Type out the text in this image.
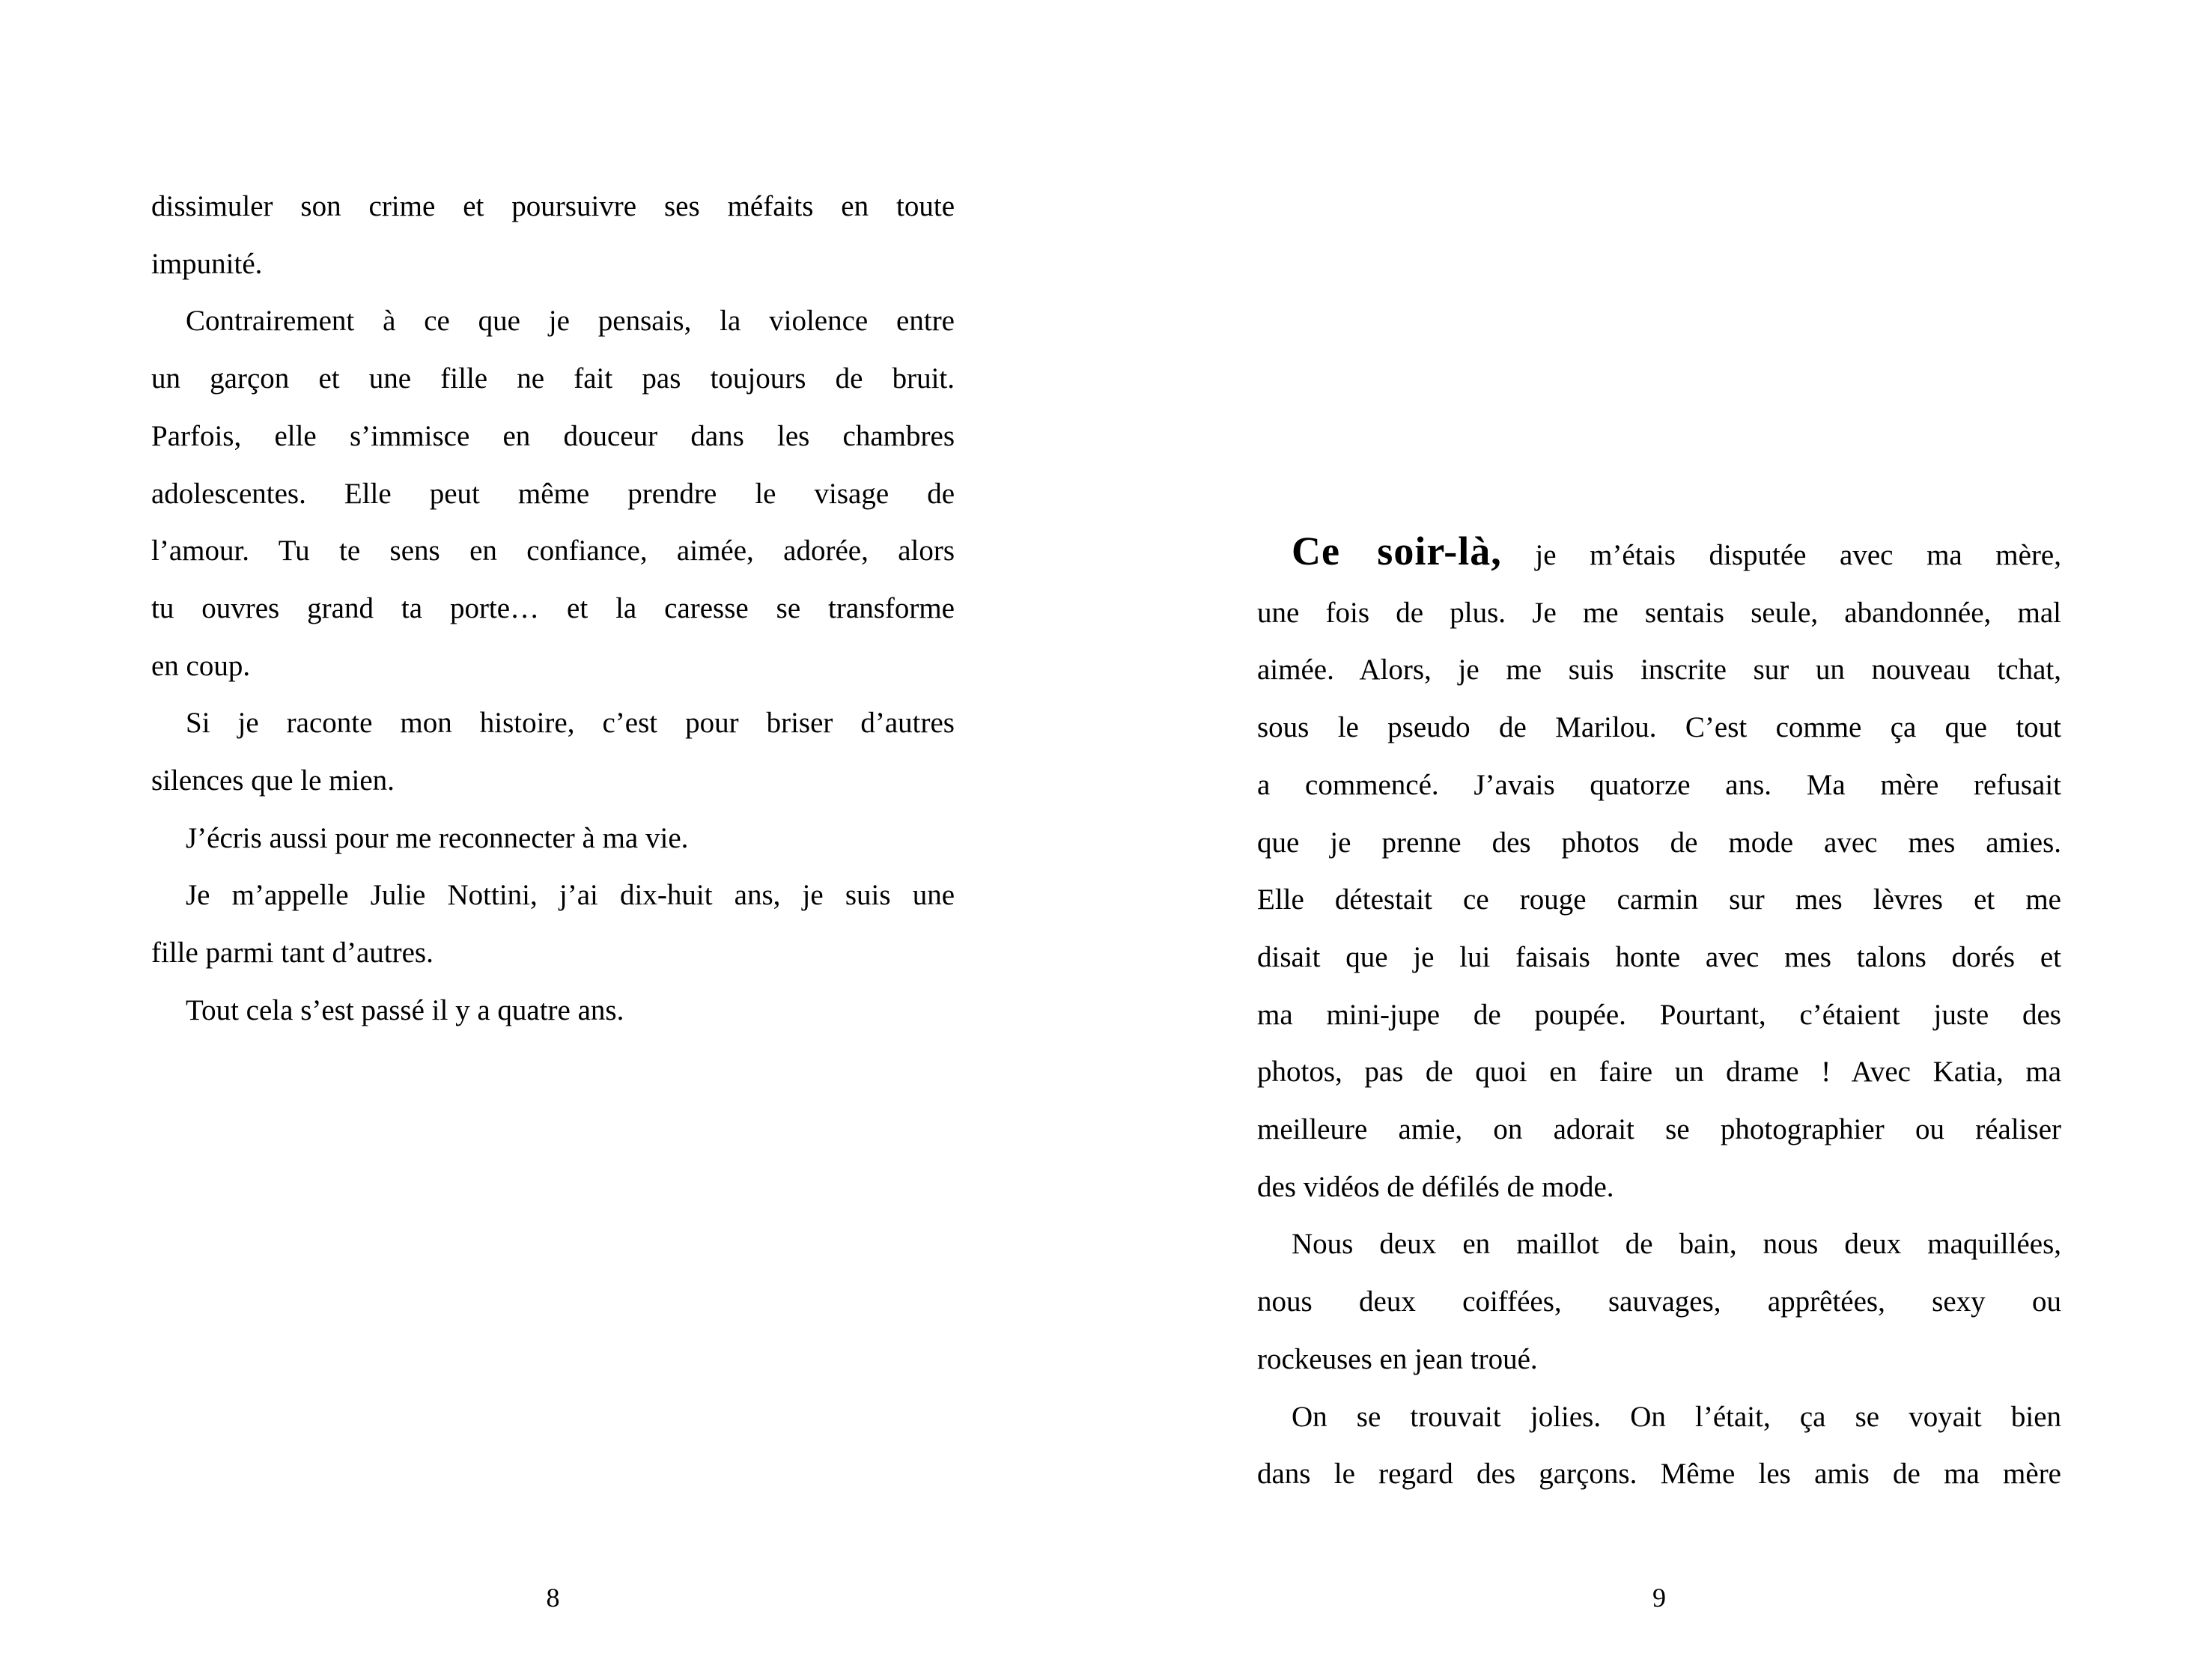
dissimuler son crime et poursuivre ses méfaits en toute
impunité.
Contrairement à ce que je pensais, la violence entre
un garçon et une fille ne fait pas toujours de bruit.
Parfois, elle s’immisce en douceur dans les chambres
adolescentes. Elle peut même prendre le visage de
l’amour. Tu te sens en confiance, aimée, adorée, alors
tu ouvres grand ta porte… et la caresse se transforme
en coup.
Si je raconte mon histoire, c’est pour briser d’autres
silences que le mien.
J’écris aussi pour me reconnecter à ma vie.
Je m’appelle Julie Nottini, j’ai dix-huit ans, je suis une
fille parmi tant d’autres.
Tout cela s’est passé il y a quatre ans.
Ce soir-là, je m’étais disputée avec ma mère,
une fois de plus. Je me sentais seule, abandonnée, mal
aimée. Alors, je me suis inscrite sur un nouveau tchat,
sous le pseudo de Marilou. C’est comme ça que tout
a commencé. J’avais quatorze ans. Ma mère refusait
que je prenne des photos de mode avec mes amies.
Elle détestait ce rouge carmin sur mes lèvres et me
disait que je lui faisais honte avec mes talons dorés et
ma mini-jupe de poupée. Pourtant, c’étaient juste des
photos, pas de quoi en faire un drame ! Avec Katia, ma
meilleure amie, on adorait se photographier ou réaliser
des vidéos de défilés de mode.
Nous deux en maillot de bain, nous deux maquillées,
nous deux coiffées, sauvages, apprêtées, sexy ou
rockeuses en jean troué.
On se trouvait jolies. On l’était, ça se voyait bien
dans le regard des garçons. Même les amis de ma mère
8	9
